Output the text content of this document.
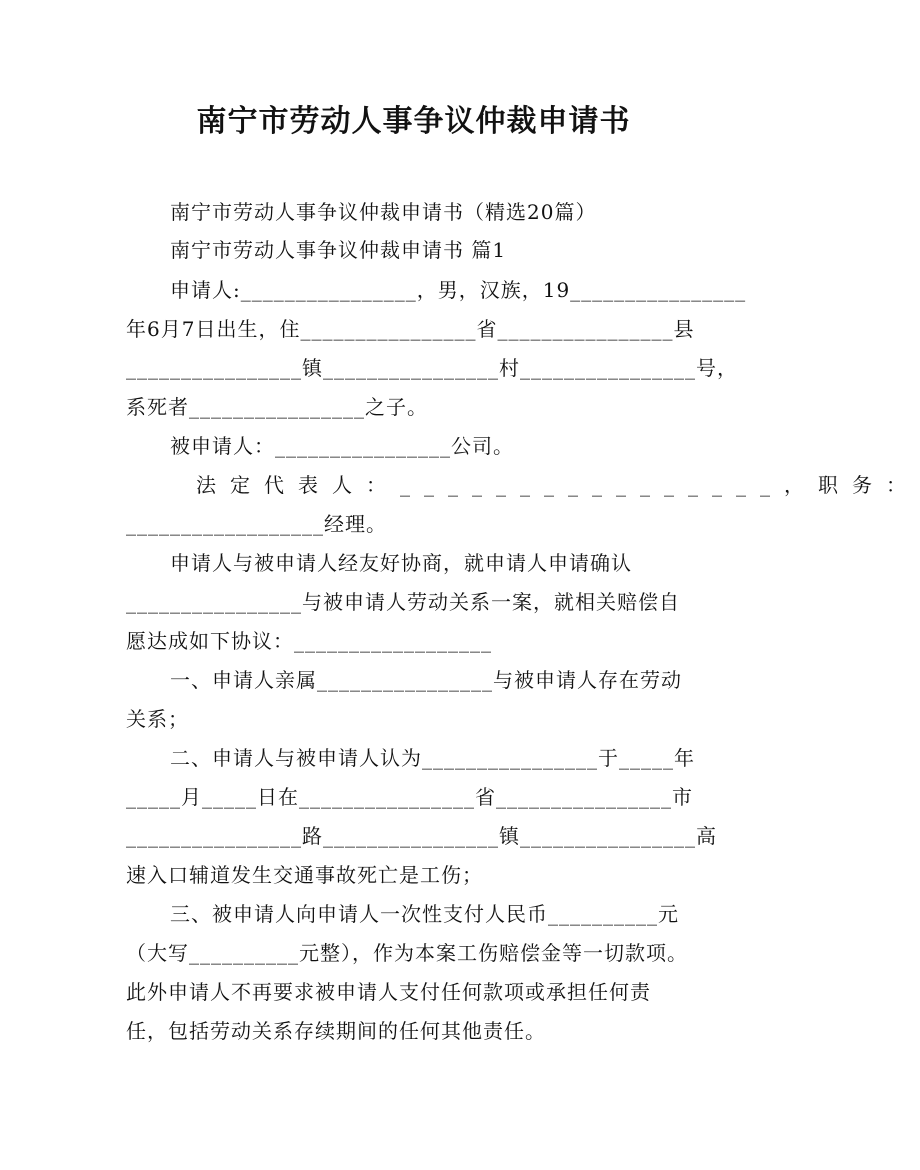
南宁市劳动人事争议仲裁申请书
南宁市劳动人事争议仲裁申请书（精选20篇）
南宁市劳动人事争议仲裁申请书 篇1
申请人:________________，男，汉族，19________________
年6月7日出生，住________________省________________县
________________镇________________村________________号，
系死者________________之子。
被申请人：________________公司。
法定代表人：________________，职务：
__________________经理。
申请人与被申请人经友好协商，就申请人申请确认
________________与被申请人劳动关系一案，就相关赔偿自
愿达成如下协议：__________________
一、申请人亲属________________与被申请人存在劳动
关系；
二、申请人与被申请人认为________________于_____年
_____月_____日在________________省________________市
________________路________________镇________________高
速入口辅道发生交通事故死亡是工伤；
三、被申请人向申请人一次性支付人民币__________元
（大写__________元整），作为本案工伤赔偿金等一切款项。
此外申请人不再要求被申请人支付任何款项或承担任何责
任，包括劳动关系存续期间的任何其他责任。
